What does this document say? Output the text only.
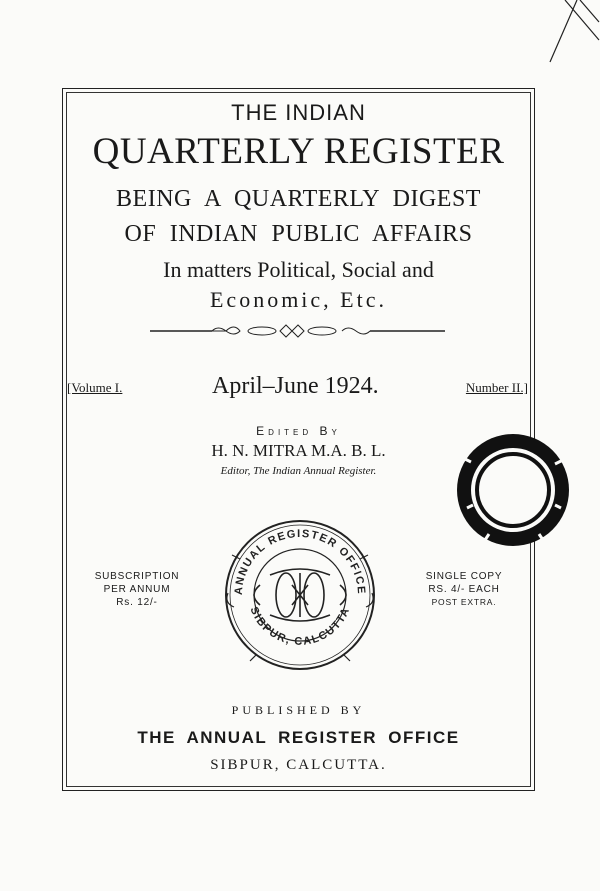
THE INDIAN
QUARTERLY REGISTER
BEING A QUARTERLY DIGEST
OF INDIAN PUBLIC AFFAIRS
In matters Political, Social and
Economic, Etc.
[Volume I.	April–June 1924.	Number II.]
Edited By
H. N. MITRA M.A. B. L.
Editor, The Indian Annual Register.
SUBSCRIPTION
PER ANNUM
Rs. 12/-
SINGLE COPY
RS. 4/- EACH
POST EXTRA.
ANNUAL REGISTER OFFICE
SIBPUR, CALCUTTA
PUBLISHED BY
THE ANNUAL REGISTER OFFICE
SIBPUR, CALCUTTA.
